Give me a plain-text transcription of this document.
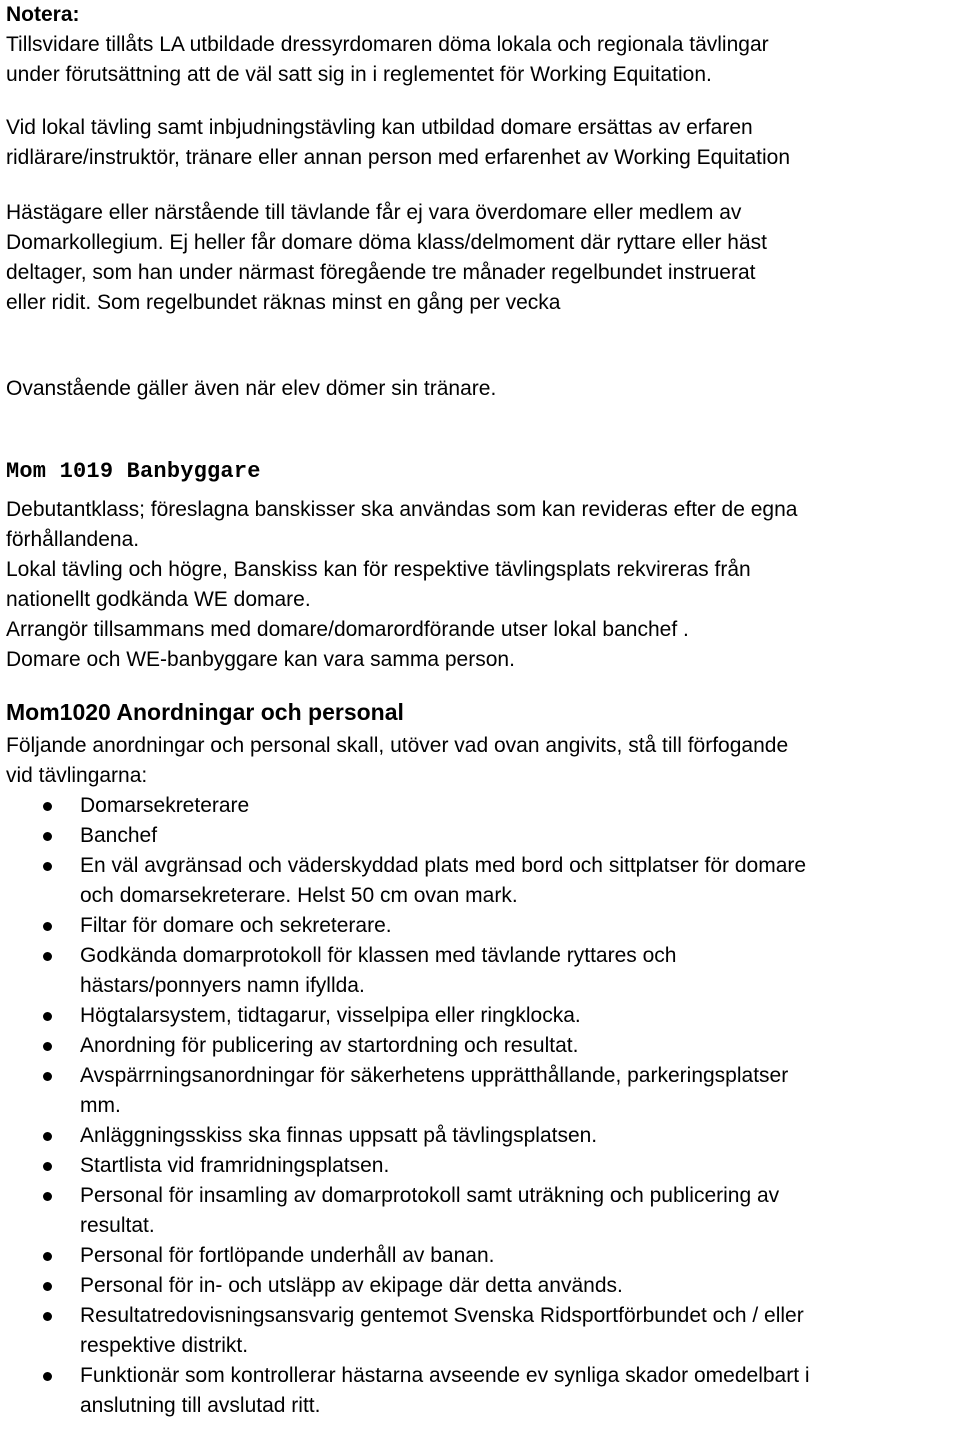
Notera:
Tillsvidare tillåts LA utbildade dressyrdomaren döma lokala och regionala tävlingar
under förutsättning att de väl satt sig in i reglementet för Working Equitation.
Vid lokal tävling samt inbjudningstävling kan utbildad domare ersättas av erfaren
ridlärare/instruktör, tränare eller annan person med erfarenhet av Working Equitation
Hästägare eller närstående till tävlande får ej vara överdomare eller medlem av
Domarkollegium. Ej heller får domare döma klass/delmoment där ryttare eller häst
deltager, som han under närmast föregående tre månader regelbundet instruerat
eller ridit. Som regelbundet räknas minst en gång per vecka
Ovanstående gäller även när elev dömer sin tränare.
Mom 1019 Banbyggare
Debutantklass; föreslagna banskisser ska användas som kan revideras efter de egna
förhållandena.
Lokal tävling och högre, Banskiss kan för respektive tävlingsplats rekvireras från
nationellt godkända WE domare.
Arrangör tillsammans med domare/domarordförande utser lokal banchef .
Domare och WE-banbyggare kan vara samma person.
Mom1020 Anordningar och personal
Följande anordningar och personal skall, utöver vad ovan angivits, stå till förfogande
vid tävlingarna:
Domarsekreterare
Banchef
En väl avgränsad och väderskyddad plats med bord och sittplatser för domare
och domarsekreterare. Helst 50 cm ovan mark.
Filtar för domare och sekreterare.
Godkända domarprotokoll för klassen med tävlande ryttares och
hästars/ponnyers namn ifyllda.
Högtalarsystem, tidtagarur, visselpipa eller ringklocka.
Anordning för publicering av startordning och resultat.
Avspärrningsanordningar för säkerhetens upprätthållande, parkeringsplatser
mm.
Anläggningsskiss ska finnas uppsatt på tävlingsplatsen.
Startlista vid framridningsplatsen.
Personal för insamling av domarprotokoll samt uträkning och publicering av
resultat.
Personal för fortlöpande underhåll av banan.
Personal för in- och utsläpp av ekipage där detta används.
Resultatredovisningsansvarig gentemot Svenska Ridsportförbundet och / eller
respektive distrikt.
Funktionär som kontrollerar hästarna avseende ev synliga skador omedelbart i
anslutning till avslutad ritt.
